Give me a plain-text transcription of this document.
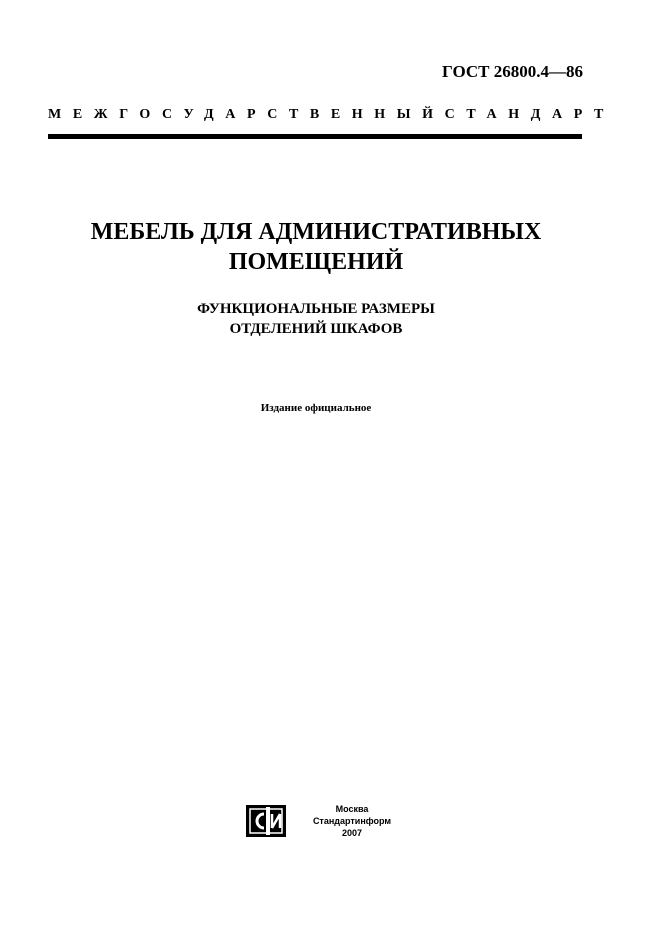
ГОСТ 26800.4—86
МЕЖГОСУДАРСТВЕННЫЙ СТАНДАРТ
МЕБЕЛЬ ДЛЯ АДМИНИСТРАТИВНЫХ
ПОМЕЩЕНИЙ
ФУНКЦИОНАЛЬНЫЕ РАЗМЕРЫ
ОТДЕЛЕНИЙ ШКАФОВ
Издание официальное
Москва
Стандартинформ
2007
